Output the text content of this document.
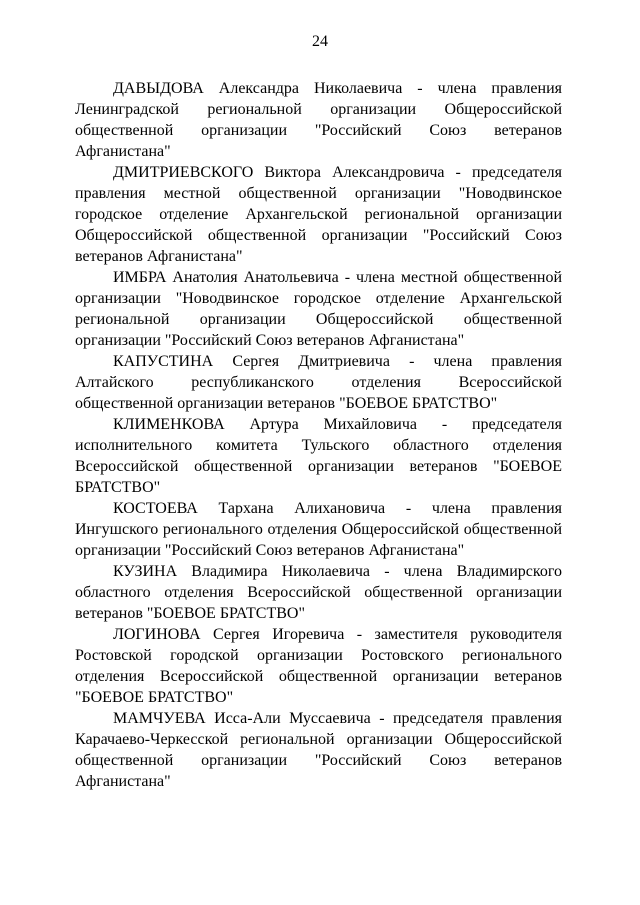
24

ДАВЫДОВА Александра Николаевича - члена правления Ленинградской региональной организации Общероссийской общественной организации "Российский Союз ветеранов Афганистана"

ДМИТРИЕВСКОГО Виктора Александровича - председателя правления местной общественной организации "Новодвинское городское отделение Архангельской региональной организации Общероссийской общественной организации "Российский Союз ветеранов Афганистана"

ИМБРА Анатолия Анатольевича - члена местной общественной организации "Новодвинское городское отделение Архангельской региональной организации Общероссийской общественной организации "Российский Союз ветеранов Афганистана"

КАПУСТИНА Сергея Дмитриевича - члена правления Алтайского республиканского отделения Всероссийской общественной организации ветеранов "БОЕВОЕ БРАТСТВО"

КЛИМЕНКОВА Артура Михайловича - председателя исполнительного комитета Тульского областного отделения Всероссийской общественной организации ветеранов "БОЕВОЕ БРАТСТВО"

КОСТОЕВА Тархана Алихановича - члена правления Ингушского регионального отделения Общероссийской общественной организации "Российский Союз ветеранов Афганистана"

КУЗИНА Владимира Николаевича - члена Владимирского областного отделения Всероссийской общественной организации ветеранов "БОЕВОЕ БРАТСТВО"

ЛОГИНОВА Сергея Игоревича - заместителя руководителя Ростовской городской организации Ростовского регионального отделения Всероссийской общественной организации ветеранов "БОЕВОЕ БРАТСТВО"

МАМЧУЕВА Исса-Али Муссаевича - председателя правления Карачаево-Черкесской региональной организации Общероссийской общественной организации "Российский Союз ветеранов Афганистана"
